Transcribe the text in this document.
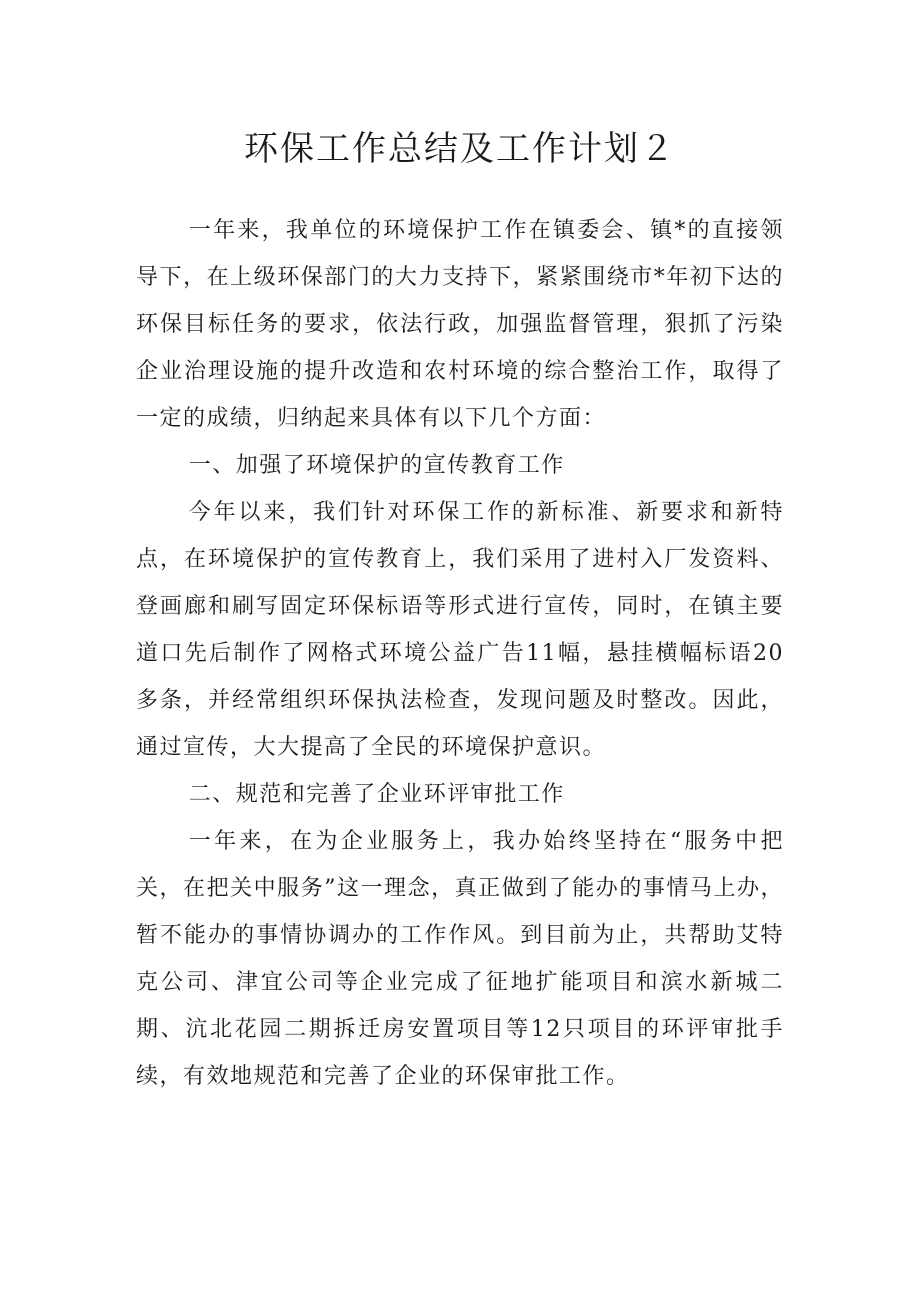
环保工作总结及工作计划２

一年来，我单位的环境保护工作在镇委会、镇*的直接领导下，在上级环保部门的大力支持下，紧紧围绕市*年初下达的环保目标任务的要求，依法行政，加强监督管理，狠抓了污染企业治理设施的提升改造和农村环境的综合整治工作，取得了一定的成绩，归纳起来具体有以下几个方面：

一、加强了环境保护的宣传教育工作

今年以来，我们针对环保工作的新标准、新要求和新特点，在环境保护的宣传教育上，我们采用了进村入厂发资料、登画廊和刷写固定环保标语等形式进行宣传，同时，在镇主要道口先后制作了网格式环境公益广告11幅，悬挂横幅标语20多条，并经常组织环保执法检查，发现问题及时整改。因此，通过宣传，大大提高了全民的环境保护意识。

二、规范和完善了企业环评审批工作

一年来，在为企业服务上，我办始终坚持在“服务中把关，在把关中服务”这一理念，真正做到了能办的事情马上办，暂不能办的事情协调办的工作作风。到目前为止，共帮助艾特克公司、津宜公司等企业完成了征地扩能项目和滨水新城二期、沆北花园二期拆迁房安置项目等12只项目的环评审批手续，有效地规范和完善了企业的环保审批工作。
